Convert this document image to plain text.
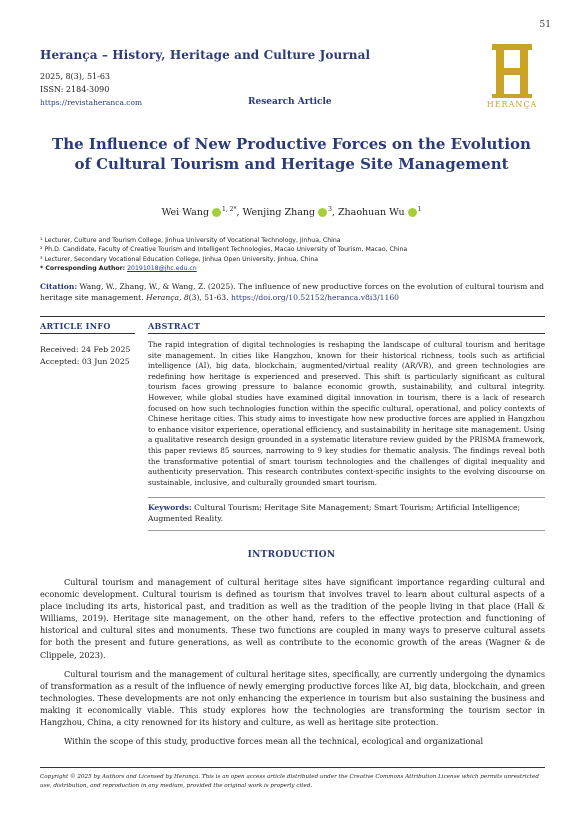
51
Herança – History, Heritage and Culture Journal
2025, 8(3), 51-63
ISSN: 2184-3090
https://revistaheranca.com	Research Article	HERANÇA
The Influence of New Productive Forces on the Evolution of Cultural Tourism and Heritage Site Management
Wei Wang $^{1, 2*}$, Wenjing Zhang $^3$, Zhaohuan Wu $^1$
¹ Lecturer, Culture and Tourism College, Jinhua University of Vocational Technology, Jinhua, China
² Ph.D. Candidate, Faculty of Creative Tourism and Intelligent Technologies, Macao University of Tourism, Macao, China
³ Lecturer, Secondary Vocational Education College, Jinhua Open University, Jinhua, China
* Corresponding Author: 20191018@jhc.edu.cn
Citation: Wang, W., Zhang, W., & Wang, Z. (2025). The influence of new productive forces on the evolution of cultural tourism and heritage site management. Herança, 8(3), 51-63. https://doi.org/10.52152/heranca.v8i3/1160
ARTICLE INFO	ABSTRACT
Received: 24 Feb 2025
Accepted: 03 Jun 2025
The rapid integration of digital technologies is reshaping the landscape of cultural tourism and heritage site management. In cities like Hangzhou, known for their historical richness, tools such as artificial intelligence (AI), big data, blockchain, augmented/virtual reality (AR/VR), and green technologies are redefining how heritage is experienced and preserved. This shift is particularly significant as cultural tourism faces growing pressure to balance economic growth, sustainability, and cultural integrity. However, while global studies have examined digital innovation in tourism, there is a lack of research focused on how such technologies function within the specific cultural, operational, and policy contexts of Chinese heritage cities. This study aims to investigate how new productive forces are applied in Hangzhou to enhance visitor experience, operational efficiency, and sustainability in heritage site management. Using a qualitative research design grounded in a systematic literature review guided by the PRISMA framework, this paper reviews 85 sources, narrowing to 9 key studies for thematic analysis. The findings reveal both the transformative potential of smart tourism technologies and the challenges of digital inequality and authenticity preservation. This research contributes context-specific insights to the evolving discourse on sustainable, inclusive, and culturally grounded smart tourism.
Keywords: Cultural Tourism; Heritage Site Management; Smart Tourism; Artificial Intelligence; Augmented Reality.
INTRODUCTION

Cultural tourism and management of cultural heritage sites have significant importance regarding cultural and economic development. Cultural tourism is defined as tourism that involves travel to learn about cultural aspects of a place including its arts, historical past, and tradition as well as the tradition of the people living in that place (Hall & Williams, 2019). Heritage site management, on the other hand, refers to the effective protection and functioning of historical and cultural sites and monuments. These two functions are coupled in many ways to preserve cultural assets for both the present and future generations, as well as contribute to the economic growth of the areas (Wagner & de Clippele, 2023).

Cultural tourism and the management of cultural heritage sites, specifically, are currently undergoing the dynamics of transformation as a result of the influence of newly emerging productive forces like AI, big data, blockchain, and green technologies. These developments are not only enhancing the experience in tourism but also sustaining the business and making it economically viable. This study explores how the technologies are transforming the tourism sector in Hangzhou, China, a city renowned for its history and culture, as well as heritage site protection.

Within the scope of this study, productive forces mean all the technical, ecological and organizational

Copyright © 2025 by Authors and Licensed by Herança. This is an open access article distributed under the Creative Commons Attribution License which permits unrestricted use, distribution, and reproduction in any medium, provided the original work is properly cited.
